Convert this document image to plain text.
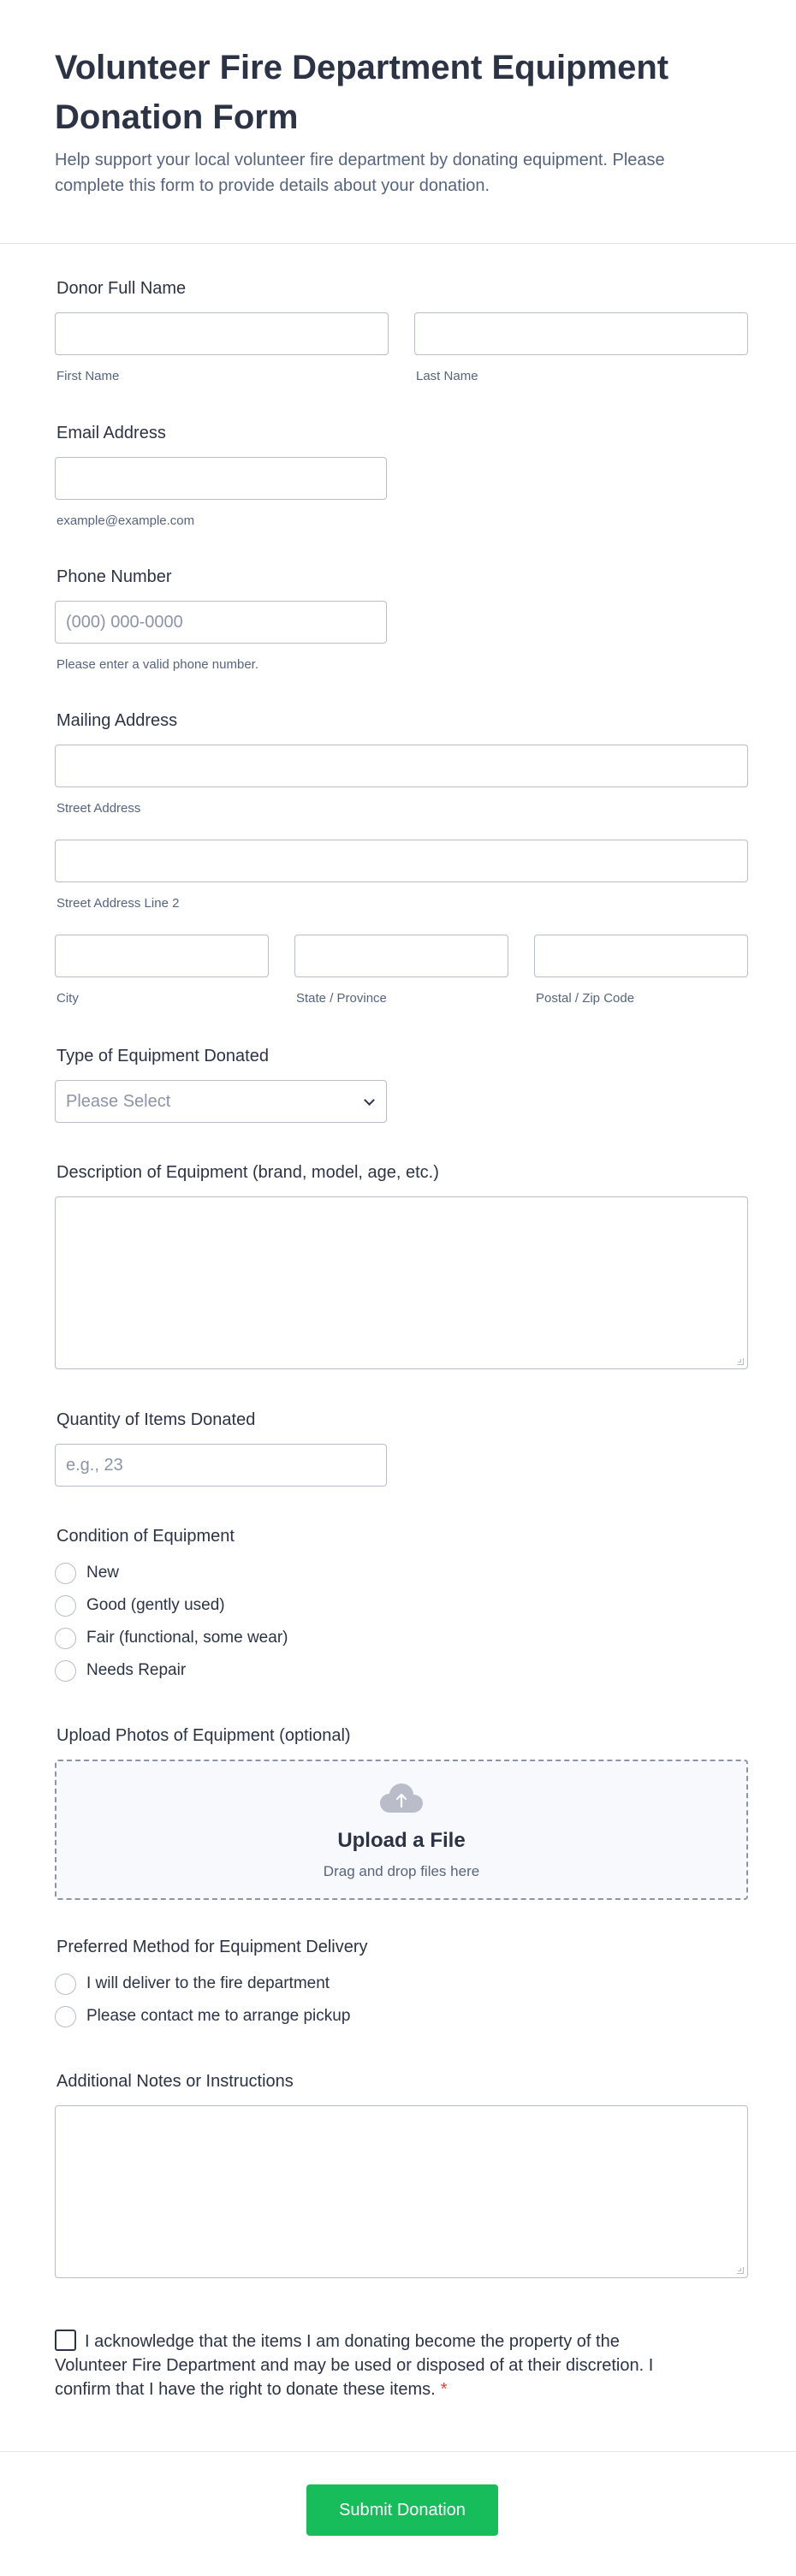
Volunteer Fire Department Equipment Donation Form

Help support your local volunteer fire department by donating equipment. Please complete this form to provide details about your donation.

Donor Full Name
First Name	Last Name
Email Address
example@example.com
Phone Number
(000) 000-0000
Please enter a valid phone number.
Mailing Address
Street Address
Street Address Line 2
City	State / Province	Postal / Zip Code
Type of Equipment Donated
Please Select
Description of Equipment (brand, model, age, etc.)
Quantity of Items Donated
e.g., 23
Condition of Equipment
New
Good (gently used)
Fair (functional, some wear)
Needs Repair
Upload Photos of Equipment (optional)
Upload a File
Drag and drop files here
Preferred Method for Equipment Delivery
I will deliver to the fire department
Please contact me to arrange pickup
Additional Notes or Instructions
I acknowledge that the items I am donating become the property of the Volunteer Fire Department and may be used or disposed of at their discretion. I confirm that I have the right to donate these items. *
Submit Donation
